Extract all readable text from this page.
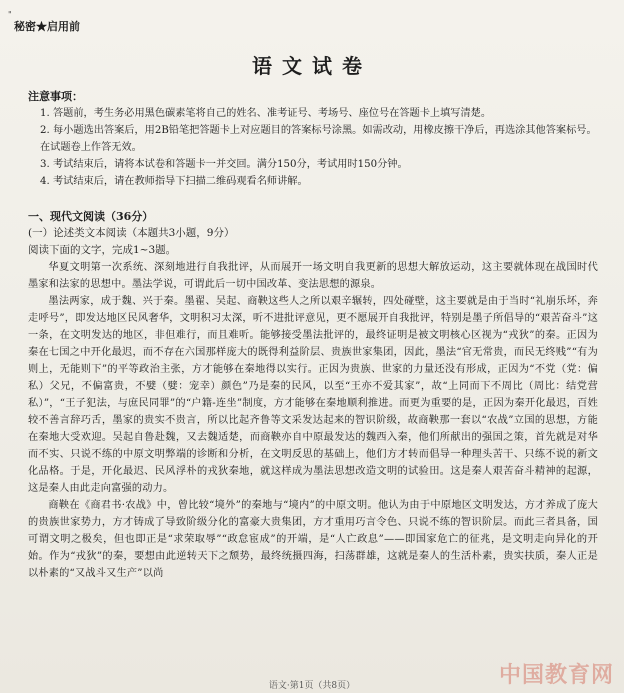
"
秘密★启用前
语文试卷
注意事项：

1. 答题前，考生务必用黑色碳素笔将自己的姓名、准考证号、考场号、座位号在答题卡上填写清楚。

2. 每小题选出答案后，用2B铅笔把答题卡上对应题目的答案标号涂黑。如需改动，用橡皮擦干净后，再选涂其他答案标号。在试题卷上作答无效。

3. 考试结束后，请将本试卷和答题卡一并交回。满分150分，考试用时150分钟。

4. 考试结束后，请在教师指导下扫描二维码观看名师讲解。

一、现代文阅读（36分）

(一）论述类文本阅读（本题共3小题，9分）

阅读下面的文字，完成1~3题。

华夏文明第一次系统、深刻地进行自我批评，从而展开一场文明自我更新的思想大解放运动，这主要就体现在战国时代墨家和法家的思想中。墨法学说，可谓此后一切中国改革、变法思想的源泉。

墨法两家，成于魏、兴于秦。墨翟、吴起、商鞅这些人之所以艰辛辗转，四处碰壁，这主要就是由于当时“礼崩乐坏，奔走呼号”，即发达地区民风奢华，文明积习太深，听不进批评意见，更不愿展开自我批评，特别是墨子所倡导的“艰苦奋斗”这一条，在文明发达的地区，非但难行，而且难听。能够接受墨法批评的，最终证明是被文明核心区视为“戎狄”的秦。正因为秦在七国之中开化最迟，而不存在六国那样庞大的既得利益阶层、贵族世家集团，因此，墨法“官无常贵，而民无终贱”“有为则上，无能则下”的平等政治主张，方才能够在秦地得以实行。正因为贵族、世家的力量还没有形成，正因为“不党（党：偏私）父兄，不偏富贵，不嬖（嬖：宠幸）颜色”乃是秦的民风，以至“王亦不爱其家”，故“上同而下不周比（周比：结党营私）”，“王子犯法，与庶民同罪”的“户籍-连坐”制度，方才能够在秦地顺利推进。而更为重要的是，正因为秦开化最迟，百姓较不善言辞巧舌，墨家的贵实不贵言，所以比起齐鲁等文采发达起来的智识阶级，故商鞅那一套以“农战”立国的思想，方能在秦地大受欢迎。吴起自鲁赴魏，又去魏适楚，而商鞅亦自中原最发达的魏西入秦，他们所献出的强国之策，首先就是对华而不实、只说不练的中原文明弊端的诊断和分析，在文明反思的基础上，他们方才转而倡导一种理头苦干、只练不说的新文化品格。于是，开化最迟、民风浮朴的戎狄秦地，就这样成为墨法思想改造文明的试验田。这是秦人艰苦奋斗精神的起源，这是秦人由此走向富强的动力。

商鞅在《商君书·农战》中，曾比较“境外”的秦地与“境内”的中原文明。他认为由于中原地区文明发达，方才养成了庞大的贵族世家势力，方才铸成了导致阶级分化的富豪大贵集团，方才重用巧言令色、只说不练的智识阶层。而此三者具备，国可谓文明之极矣，但也即正是“求荣取辱”“政怠宦成”的开端，是“人亡政息”——即国家危亡的征兆，是文明走向异化的开始。作为“戎狄”的秦，要想由此逆转天下之颓势，最终统摄四海，扫荡群雄，这就是秦人的生活朴素，贵实扶质，秦人正是以朴素的“又战斗又生产”以尚

语文·第1页（共8页）	中国教育网
